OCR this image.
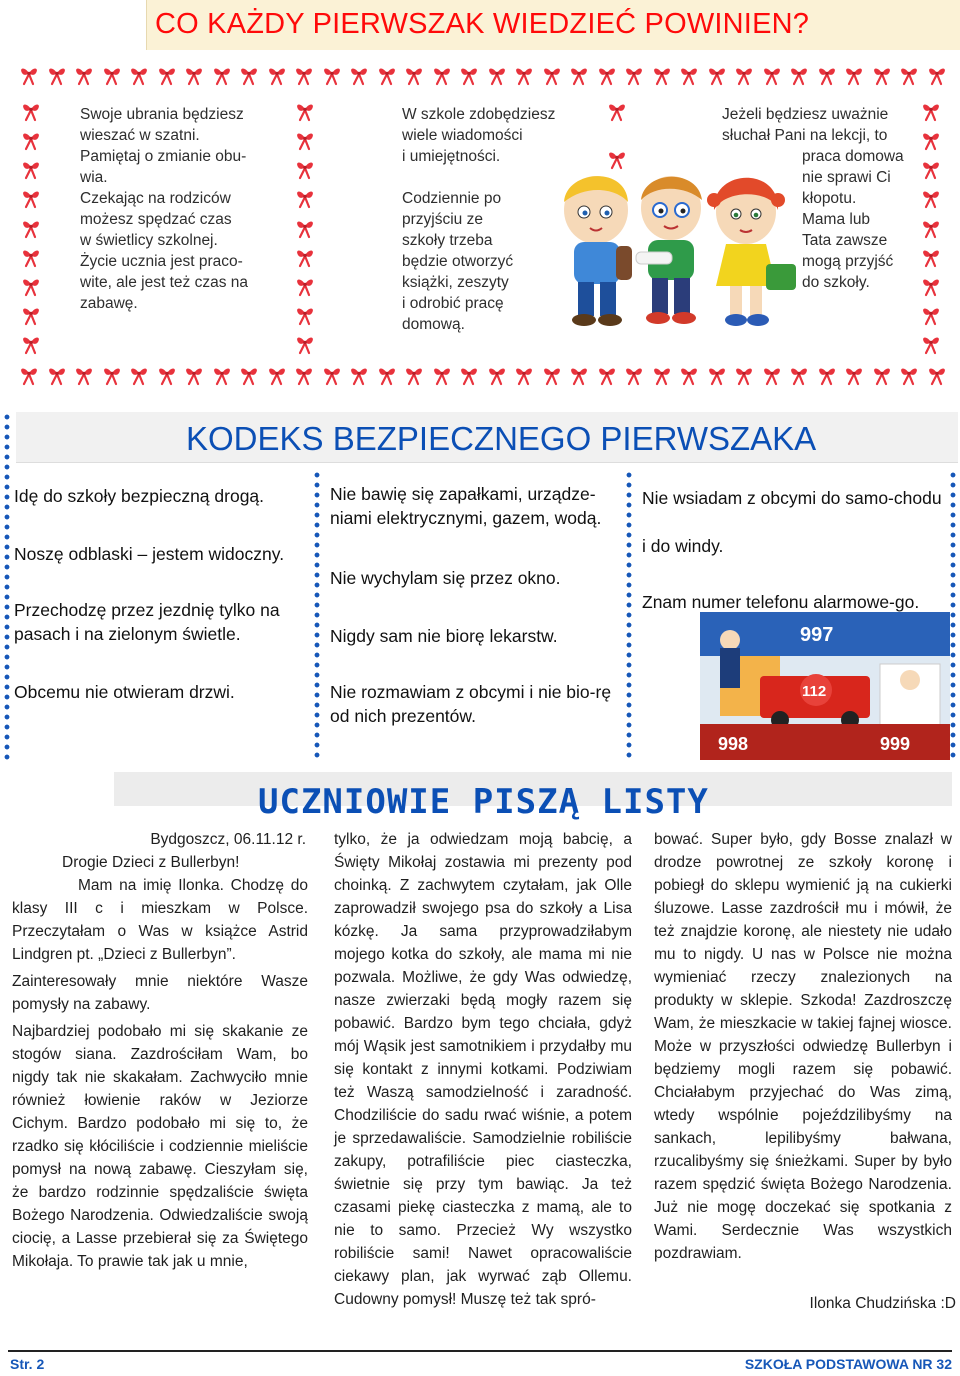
CO KAŻDY PIERWSZAK WIEDZIEĆ POWINIEN?
Swoje ubrania będziesz
wieszać w szatni.
Pamiętaj o zmianie obu-
wia.
Czekając na rodziców
możesz spędzać czas
w świetlicy szkolnej.
Życie ucznia jest praco-
wite, ale jest też czas na
zabawę.
W szkole zdobędziesz
wiele wiadomości
i umiejętności.
Codziennie po
przyjściu ze
szkoły trzeba
będzie otworzyć
książki, zeszyty
i odrobić pracę
domową.
Jeżeli będziesz uważnie
słuchał Pani na lekcji, to
praca domowa
nie sprawi Ci
kłopotu.
Mama lub
Tata zawsze
mogą przyjść
do szkoły.
KODEKS BEZPIECZNEGO PIERWSZAKA
Idę do szkoły bezpieczną drogą.
Noszę odblaski – jestem widoczny.
Przechodzę przez jezdnię tylko na pasach i na zielonym świetle.
Obcemu nie otwieram drzwi.
Nie bawię się zapałkami, urządze-niami elektrycznymi, gazem, wodą.
Nie wychylam się przez okno.
Nigdy sam nie biorę lekarstw.
Nie rozmawiam z obcymi i nie bio-rę od nich prezentów.
Nie wsiadam z obcymi do samo-chodu
i do windy.
Znam numer telefonu alarmowe-go.
997
112
998	999
UCZNIOWIE PISZĄ LISTY

Bydgoszcz, 06.11.12 r.

Drogie Dzieci z Bullerbyn!

Mam na imię Ilonka. Chodzę do klasy III c i mieszkam w Polsce. Przeczytałam o Was w książce Astrid Lindgren pt. „Dzieci z Bullerbyn”.

Zainteresowały mnie niektóre Wasze pomysły na zabawy.

Najbardziej podobało mi się skakanie ze stogów siana. Zazdrościłam Wam, bo nigdy tak nie skakałam. Zachwyciło mnie również łowienie raków w Jeziorze Cichym. Bardzo podobało mi się to, że rzadko się kłóciliście i codziennie mieliście pomysł na nową zabawę. Cieszyłam się, że bardzo rodzinnie spędzaliście święta Bożego Narodzenia. Odwiedzaliście swoją ciocię, a Lasse przebierał się za Świętego Mikołaja. To prawie tak jak u mnie,

tylko, że ja odwiedzam moją babcię, a Święty Mikołaj zostawia mi prezenty pod choinką. Z zachwytem czytałam, jak Olle zaprowadził swojego psa do szkoły a Lisa kózkę. Ja sama przyprowadziłabym mojego kotka do szkoły, ale mama mi nie pozwala. Możliwe, że gdy Was odwiedzę, nasze zwierzaki będą mogły razem się pobawić. Bardzo bym tego chciała, gdyż mój Wąsik jest samotnikiem i przydałby mu się kontakt z innymi kotkami. Podziwiam też Waszą samodzielność i zaradność. Chodziliście do sadu rwać wiśnie, a potem je sprzedawaliście. Samodzielnie robiliście zakupy, potrafiliście piec ciasteczka, świetnie się przy tym bawiąc. Ja też czasami piekę ciasteczka z mamą, ale to nie to samo. Przecież Wy wszystko robiliście sami! Nawet opracowaliście ciekawy plan, jak wyrwać ząb Ollemu. Cudowny pomysł! Muszę też tak spró-
bować. Super było, gdy Bosse znalazł w drodze powrotnej ze szkoły koronę i pobiegł do sklepu wymienić ją na cukierki śluzowe. Lasse zazdrościł mu i mówił, że też znajdzie koronę, ale niestety nie udało mu to nigdy. U nas w Polsce nie można wymieniać rzeczy znalezionych na produkty w sklepie. Szkoda! Zazdroszczę Wam, że mieszkacie w takiej fajnej wiosce. Może w przyszłości odwiedzę Bullerbyn i będziemy mogli razem się pobawić. Chciałabym przyjechać do Was zimą, wtedy wspólnie pojeździlibyśmy na sankach, lepilibyśmy bałwana, rzucalibyśmy się śnieżkami. Super by było razem spędzić święta Bożego Narodzenia. Już nie mogę doczekać się spotkania z Wami. Serdecznie Was wszystkich pozdrawiam.
Ilonka Chudzińska :D
Str. 2	SZKOŁA PODSTAWOWA NR 32
